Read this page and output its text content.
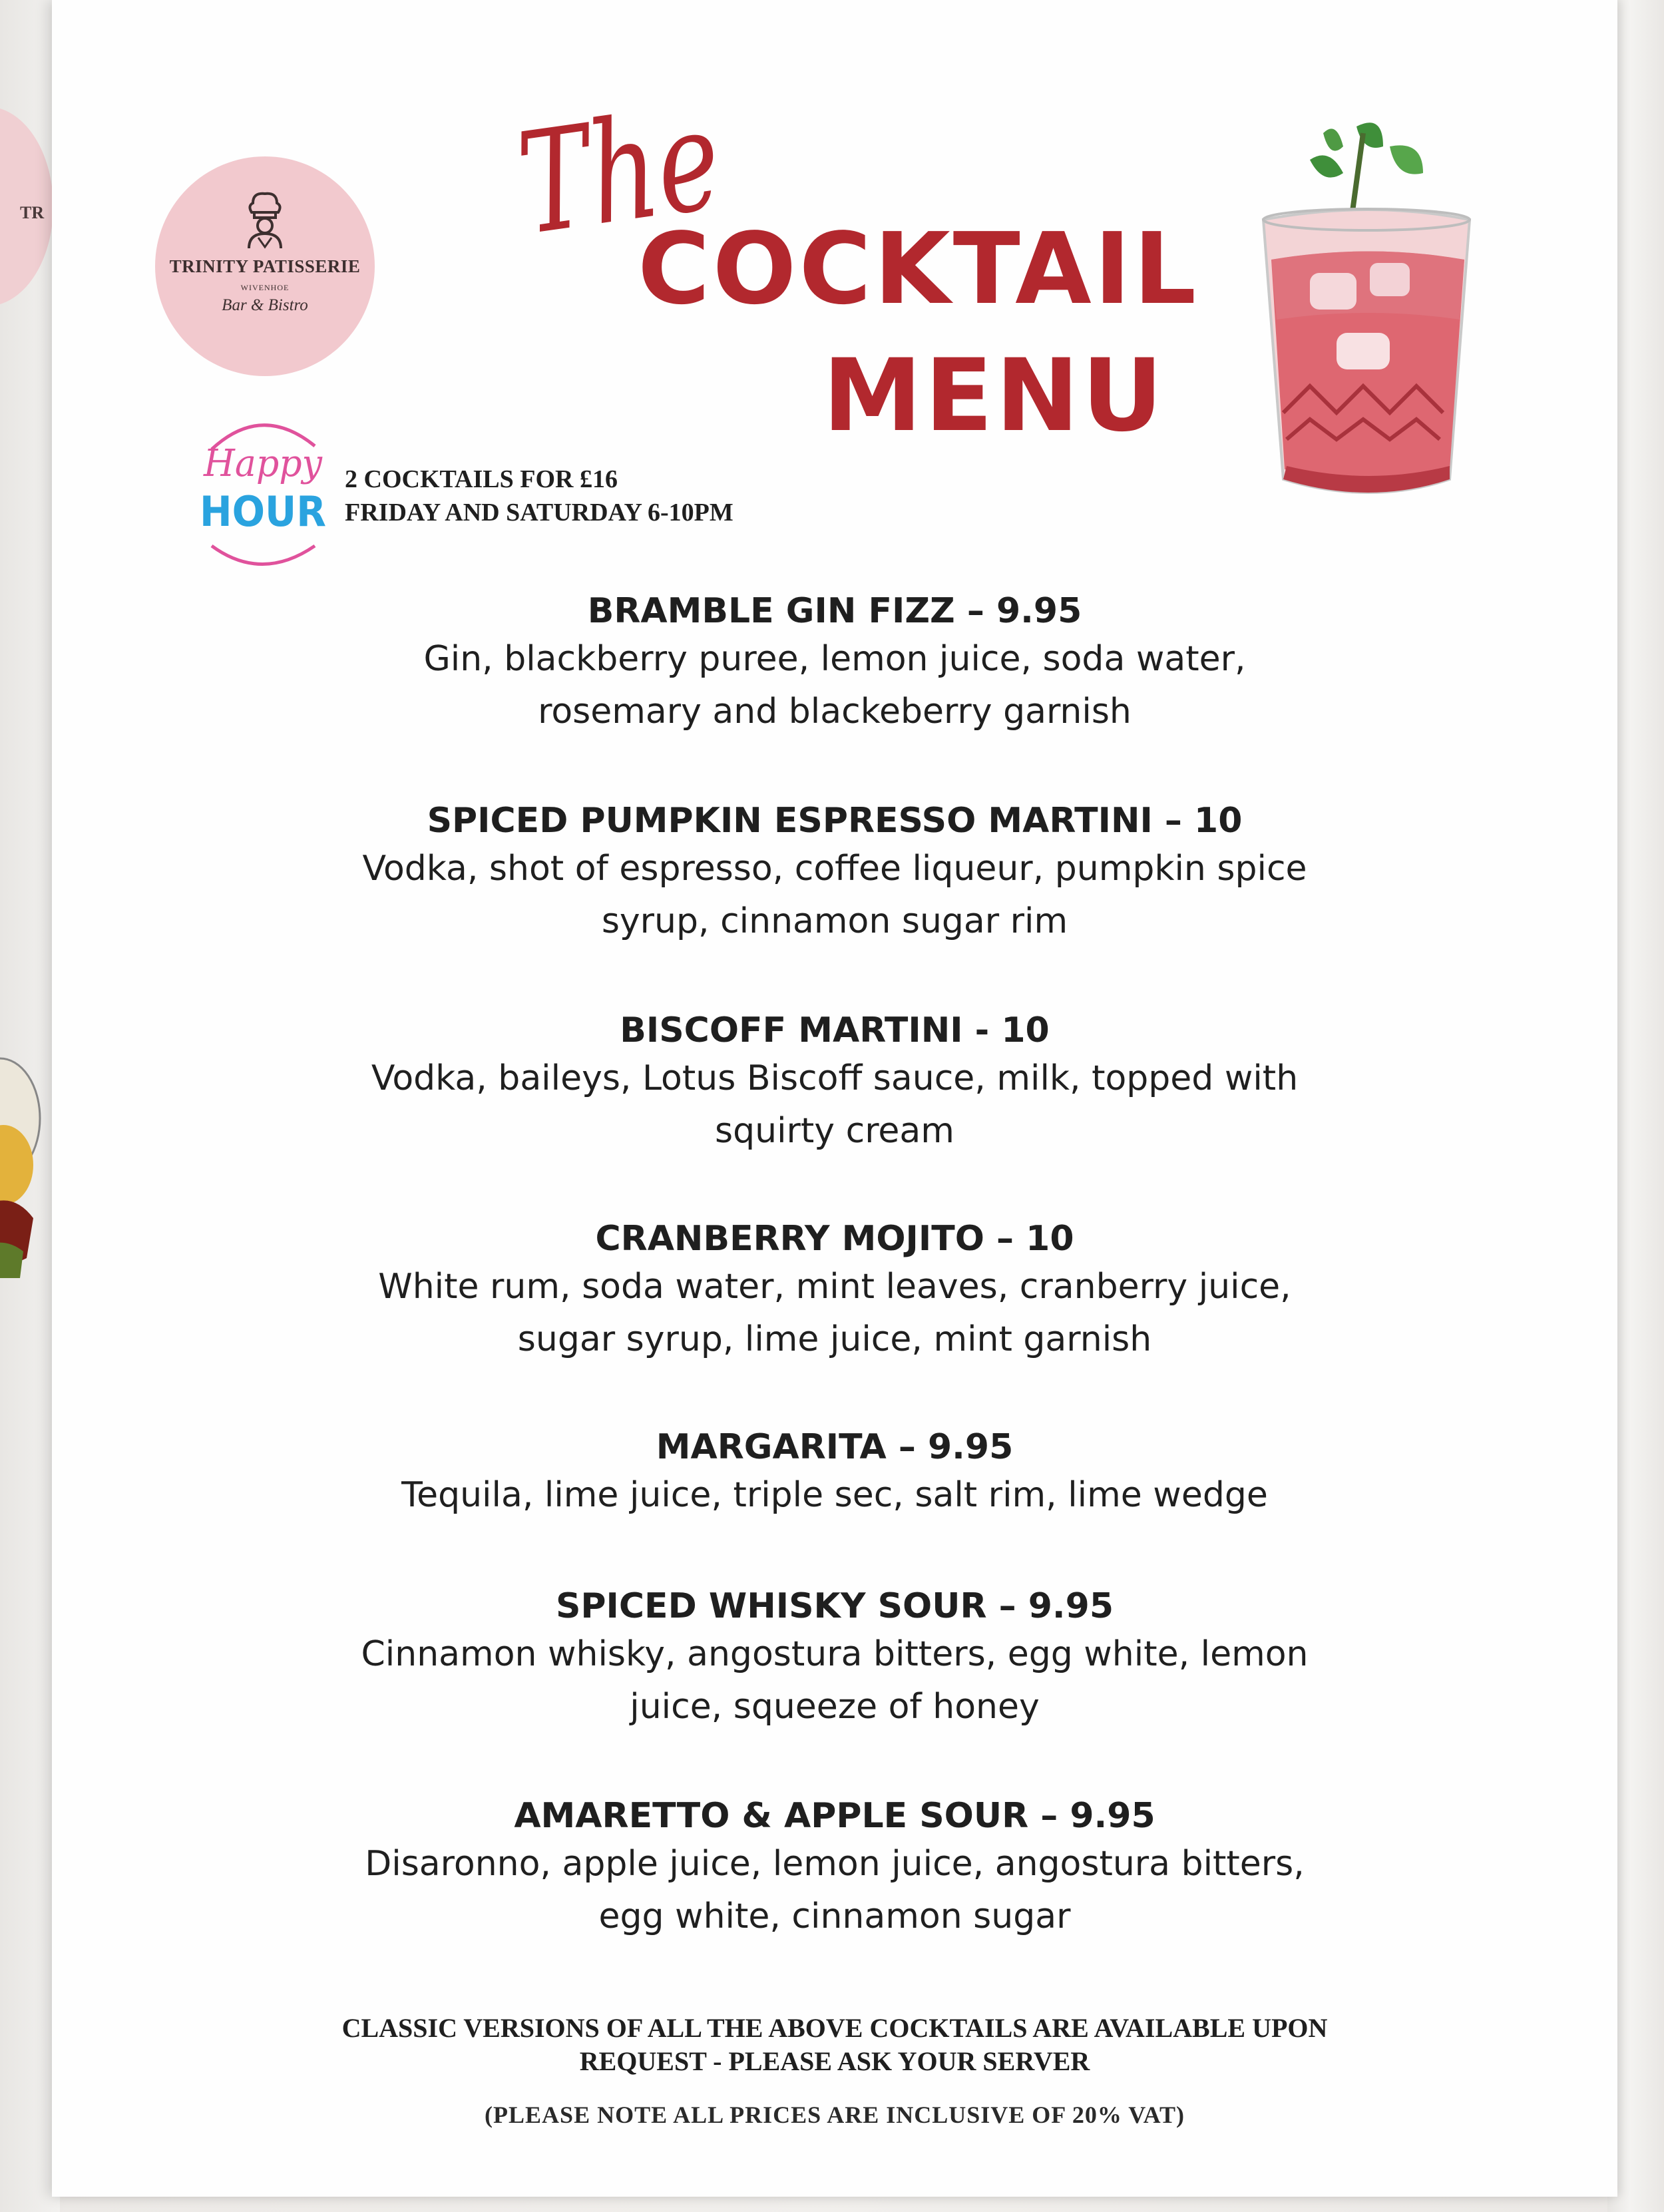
TR
TRINITY PATISSERIE
WIVENHOE
Bar & Bistro
The
COCKTAIL
MENU
Happy
HOUR
2 COCKTAILS FOR £16
FRIDAY AND SATURDAY 6-10PM
BRAMBLE GIN FIZZ – 9.95
Gin, blackberry puree, lemon juice, soda water,
rosemary and blackeberry garnish
SPICED PUMPKIN ESPRESSO MARTINI – 10
Vodka, shot of espresso, coffee liqueur, pumpkin spice
syrup, cinnamon sugar rim
BISCOFF MARTINI - 10
Vodka, baileys, Lotus Biscoff sauce, milk, topped with
squirty cream
CRANBERRY MOJITO – 10
White rum, soda water, mint leaves, cranberry juice,
sugar syrup, lime juice, mint garnish
MARGARITA – 9.95
Tequila, lime juice, triple sec, salt rim, lime wedge
SPICED WHISKY SOUR – 9.95
Cinnamon whisky, angostura bitters, egg white, lemon
juice, squeeze of honey
AMARETTO & APPLE SOUR – 9.95
Disaronno, apple juice, lemon juice, angostura bitters,
egg white, cinnamon sugar
CLASSIC VERSIONS OF ALL THE ABOVE COCKTAILS ARE AVAILABLE UPON
REQUEST - PLEASE ASK YOUR SERVER
(PLEASE NOTE ALL PRICES ARE INCLUSIVE OF 20% VAT)
